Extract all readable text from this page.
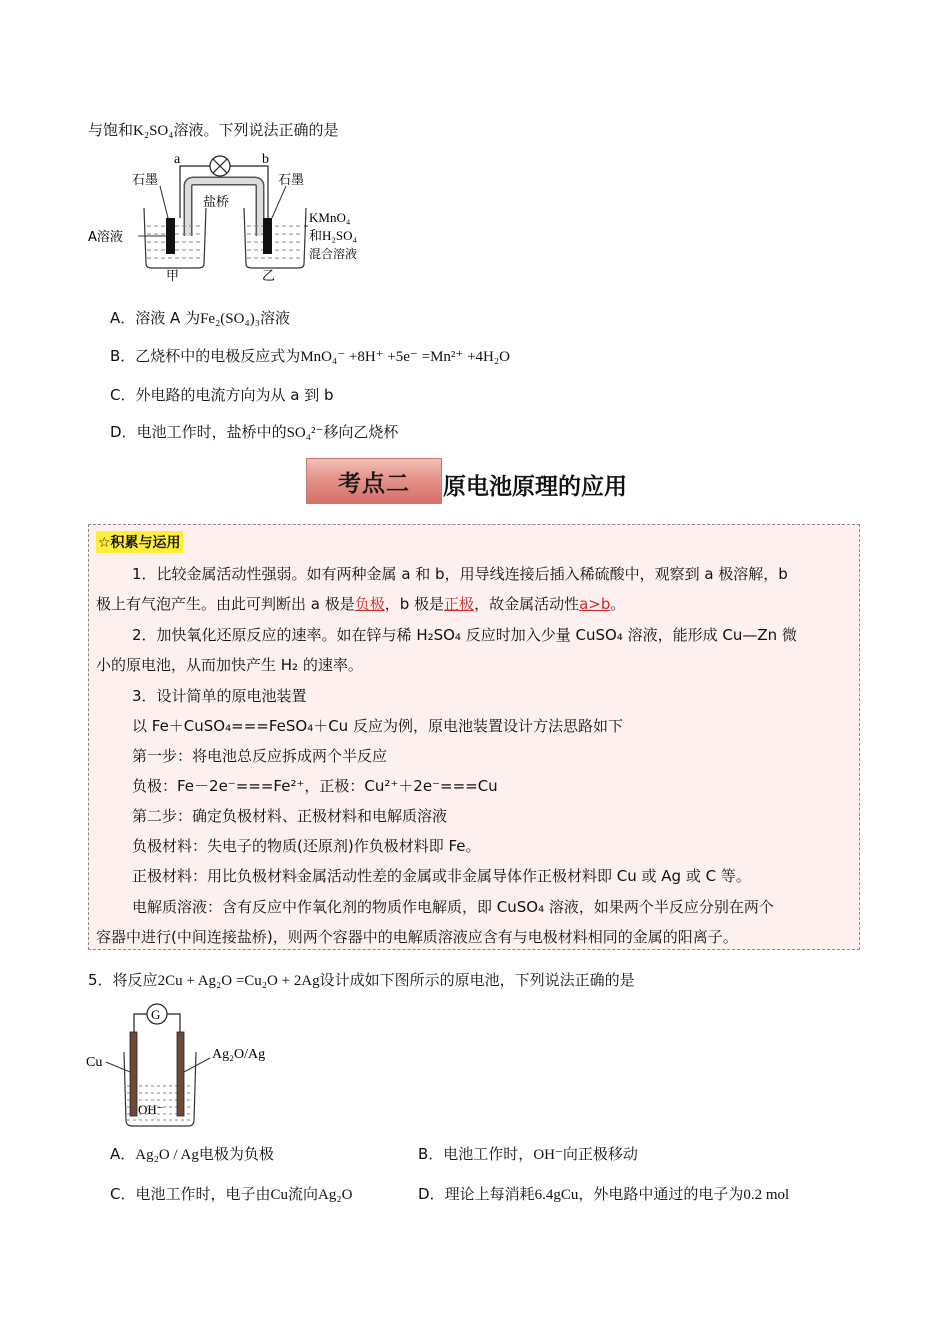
与饱和K₂SO₄溶液。下列说法正确的是
a	b
石墨	石墨
盐桥
A溶液
KMnO₄
和H₂SO₄
混合溶液
甲	乙
A．溶液 A 为Fe₂(SO₄)₃溶液
B．乙烧杯中的电极反应式为MnO₄⁻ +8H⁺ +5e⁻ =Mn²⁺ +4H₂O
C．外电路的电流方向为从 a 到 b
D．电池工作时，盐桥中的SO₄²⁻移向乙烧杯
考点二 原电池原理的应用
☆积累与运用
1．比较金属活动性强弱。如有两种金属 a 和 b，用导线连接后插入稀硫酸中，观察到 a 极溶解，b
极上有气泡产生。由此可判断出 a 极是负极，b 极是正极，故金属活动性a>b。
2．加快氧化还原反应的速率。如在锌与稀 H₂SO₄ 反应时加入少量 CuSO₄ 溶液，能形成 Cu—Zn 微
小的原电池，从而加快产生 H₂ 的速率。
3．设计简单的原电池装置
以 Fe＋CuSO₄===FeSO₄＋Cu 反应为例，原电池装置设计方法思路如下
第一步：将电池总反应拆成两个半反应
负极：Fe－2e⁻===Fe²⁺，正极：Cu²⁺＋2e⁻===Cu
第二步：确定负极材料、正极材料和电解质溶液
负极材料：失电子的物质(还原剂)作负极材料即 Fe。
正极材料：用比负极材料金属活动性差的金属或非金属导体作正极材料即 Cu 或 Ag 或 C 等。
电解质溶液：含有反应中作氧化剂的物质作电解质，即 CuSO₄ 溶液，如果两个半反应分别在两个
容器中进行(中间连接盐桥)，则两个容器中的电解质溶液应含有与电极材料相同的金属的阳离子。
5．将反应2Cu + Ag₂O =Cu₂O + 2Ag设计成如下图所示的原电池，下列说法正确的是
G
Cu
Ag₂O/Ag
OH⁻
A．Ag₂O / Ag电极为负极	B．电池工作时，OH⁻向正极移动
C．电池工作时，电子由Cu流向Ag₂O	D．理论上每消耗6.4gCu，外电路中通过的电子为0.2 mol
